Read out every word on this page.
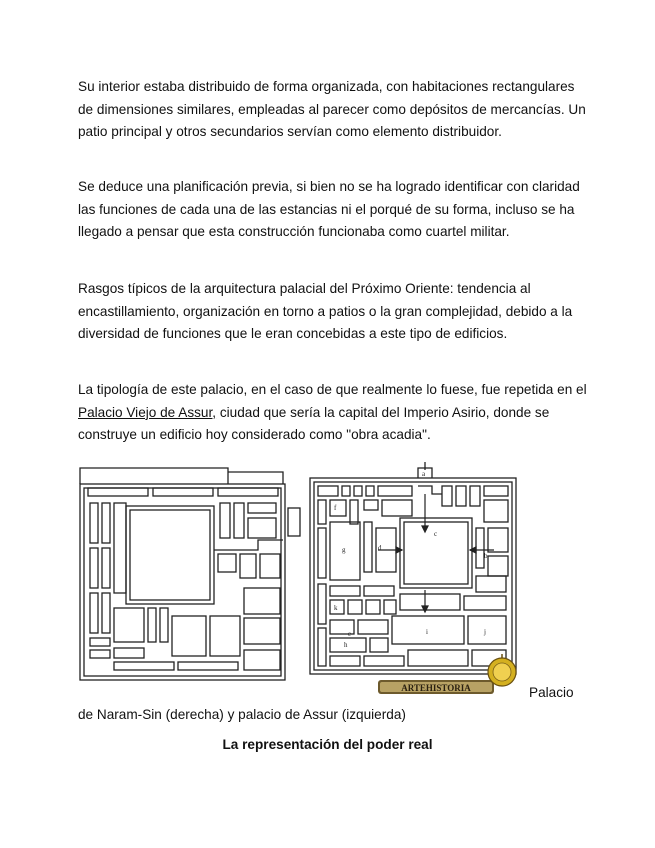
Su interior estaba distribuido de forma organizada, con habitaciones rectangulares de dimensiones similares, empleadas al parecer como depósitos de mercancías. Un patio principal y otros secundarios servían como elemento distribuidor.

Se deduce una planificación previa, si bien no se ha logrado identificar con claridad las funciones de cada una de las estancias ni el porqué de su forma, incluso se ha llegado a pensar que esta construcción funcionaba como cuartel militar.

Rasgos típicos de la arquitectura palacial del Próximo Oriente: tendencia al encastillamiento, organización en torno a patios o la gran complejidad, debido a la diversidad de funciones que le eran concebidas a este tipo de edificios.

La tipología de este palacio, en el caso de que realmente lo fuese, fue repetida en el Palacio Viejo de Assur, ciudad que sería la capital del Imperio Asirio, donde se construye un edificio hoy considerado como "obra acadia".

a
b
c
d
e
f
g
h
i	j
k
ARTEHISTORIA	Palacio
de Naram-Sin (derecha) y palacio de Assur (izquierda)
La representación del poder real
